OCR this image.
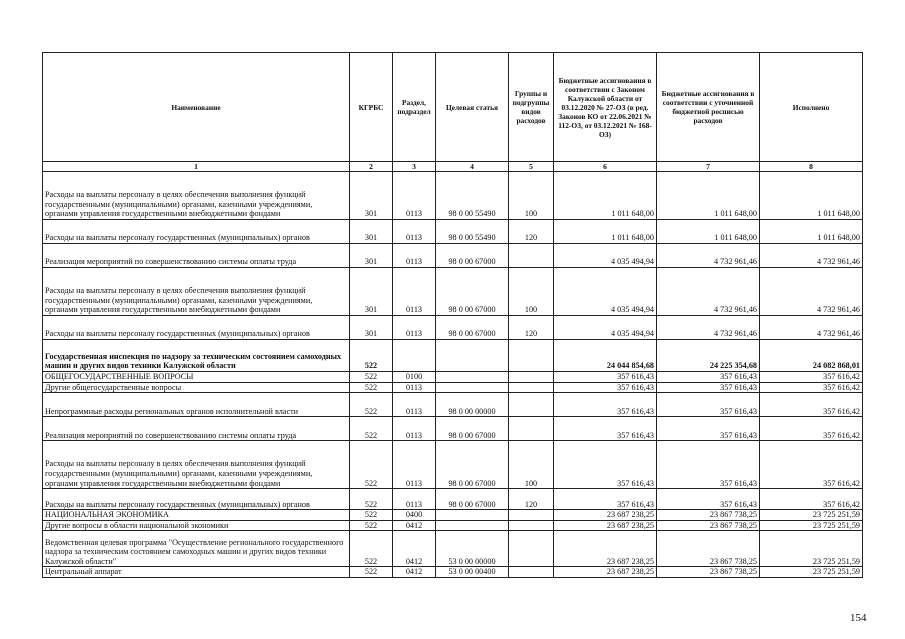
Наименование	КГРБС	Раздел, подраздел	Целевая статья	Группы и подгруппы видов расходов	Бюджетные ассигнования в соответствии с Законом Калужской области от 03.12.2020 № 27-ОЗ (в ред. Законов КО от 22.06.2021 № 112-ОЗ, от 03.12.2021 № 168-ОЗ)	Бюджетные ассигнования в соответствии с уточненной бюджетной росписью расходов	Исполнено
1	2	3	4	5	6	7	8
Расходы на выплаты персоналу в целях обеспечения выполнения функций государственными (муниципальными) органами, казенными учреждениями, органами управления государственными внебюджетными фондами	301	0113	98 0 00 55490	100	1 011 648,00	1 011 648,00	1 011 648,00
Расходы на выплаты персоналу государственных (муниципальных) органов	301	0113	98 0 00 55490	120	1 011 648,00	1 011 648,00	1 011 648,00
Реализация мероприятий по совершенствованию системы оплаты труда	301	0113	98 0 00 67000		4 035 494,94	4 732 961,46	4 732 961,46
Расходы на выплаты персоналу в целях обеспечения выполнения функций государственными (муниципальными) органами, казенными учреждениями, органами управления государственными внебюджетными фондами	301	0113	98 0 00 67000	100	4 035 494,94	4 732 961,46	4 732 961,46
Расходы на выплаты персоналу государственных (муниципальных) органов	301	0113	98 0 00 67000	120	4 035 494,94	4 732 961,46	4 732 961,46
Государственная инспекция по надзору за техническим состоянием самоходных машин и других видов техники Калужской области	522				24 044 854,68	24 225 354,68	24 082 868,01
ОБЩЕГОСУДАРСТВЕННЫЕ ВОПРОСЫ	522	0100			357 616,43	357 616,43	357 616,42
Другие общегосударственные вопросы	522	0113			357 616,43	357 616,43	357 616,42
Непрограммные расходы региональных органов исполнительной власти	522	0113	98 0 00 00000		357 616,43	357 616,43	357 616,42
Реализация мероприятий по совершенствованию системы оплаты труда	522	0113	98 0 00 67000		357 616,43	357 616,43	357 616,42
Расходы на выплаты персоналу в целях обеспечения выполнения функций государственными (муниципальными) органами, казенными учреждениями, органами управления государственными внебюджетными фондами	522	0113	98 0 00 67000	100	357 616,43	357 616,43	357 616,42
Расходы на выплаты персоналу государственных (муниципальных) органов	522	0113	98 0 00 67000	120	357 616,43	357 616,43	357 616,42
НАЦИОНАЛЬНАЯ ЭКОНОМИКА	522	0400			23 687 238,25	23 867 738,25	23 725 251,59
Другие вопросы в области национальной экономики	522	0412			23 687 238,25	23 867 738,25	23 725 251,59
Ведомственная целевая программа "Осуществление регионального государственного надзора за техническим состоянием самоходных машин и других видов техники Калужской области"	522	0412	53 0 00 00000		23 687 238,25	23 867 738,25	23 725 251,59
Центральный аппарат	522	0412	53 0 00 00400		23 687 238,25	23 867 738,25	23 725 251,59
154
